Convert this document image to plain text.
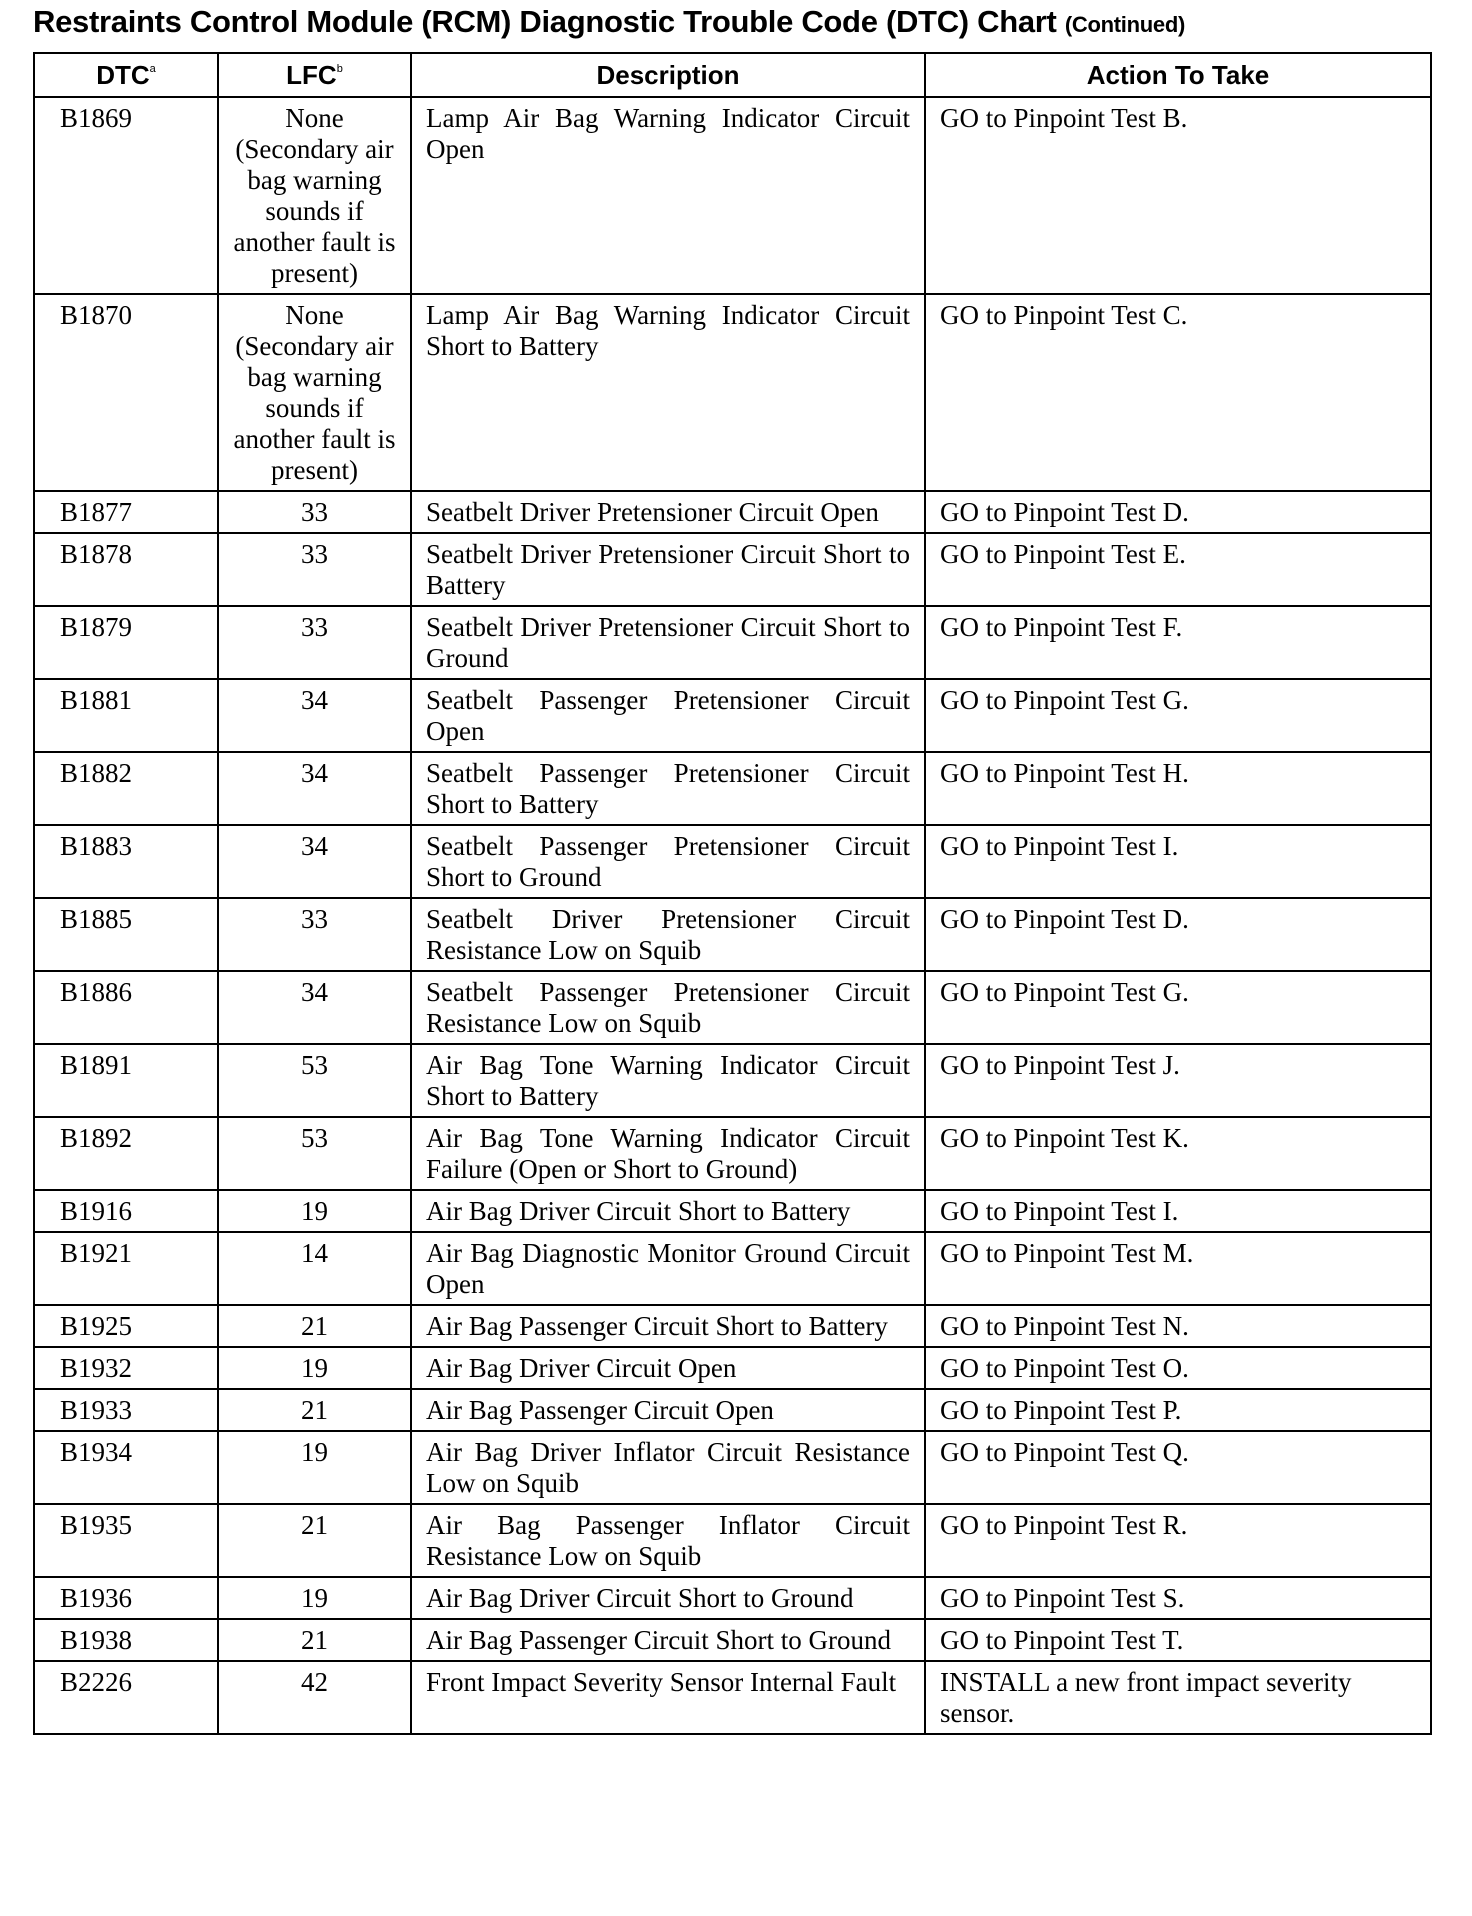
Restraints Control Module (RCM) Diagnostic Trouble Code (DTC) Chart (Continued)
DTC$^a$	LFC$^b$	Description	Action To Take
B1869	None (Secondary air bag warning sounds if another fault is present)	Lamp Air Bag Warning Indicator Circuit Open	GO to Pinpoint Test B.
B1870	None (Secondary air bag warning sounds if another fault is present)	Lamp Air Bag Warning Indicator Circuit Short to Battery	GO to Pinpoint Test C.
B1877	33	Seatbelt Driver Pretensioner Circuit Open	GO to Pinpoint Test D.
B1878	33	Seatbelt Driver Pretensioner Circuit Short to Battery	GO to Pinpoint Test E.
B1879	33	Seatbelt Driver Pretensioner Circuit Short to Ground	GO to Pinpoint Test F.
B1881	34	Seatbelt Passenger Pretensioner Circuit Open	GO to Pinpoint Test G.
B1882	34	Seatbelt Passenger Pretensioner Circuit Short to Battery	GO to Pinpoint Test H.
B1883	34	Seatbelt Passenger Pretensioner Circuit Short to Ground	GO to Pinpoint Test I.
B1885	33	Seatbelt Driver Pretensioner Circuit Resistance Low on Squib	GO to Pinpoint Test D.
B1886	34	Seatbelt Passenger Pretensioner Circuit Resistance Low on Squib	GO to Pinpoint Test G.
B1891	53	Air Bag Tone Warning Indicator Circuit Short to Battery	GO to Pinpoint Test J.
B1892	53	Air Bag Tone Warning Indicator Circuit Failure (Open or Short to Ground)	GO to Pinpoint Test K.
B1916	19	Air Bag Driver Circuit Short to Battery	GO to Pinpoint Test I.
B1921	14	Air Bag Diagnostic Monitor Ground Circuit Open	GO to Pinpoint Test M.
B1925	21	Air Bag Passenger Circuit Short to Battery	GO to Pinpoint Test N.
B1932	19	Air Bag Driver Circuit Open	GO to Pinpoint Test O.
B1933	21	Air Bag Passenger Circuit Open	GO to Pinpoint Test P.
B1934	19	Air Bag Driver Inflator Circuit Resistance Low on Squib	GO to Pinpoint Test Q.
B1935	21	Air Bag Passenger Inflator Circuit Resistance Low on Squib	GO to Pinpoint Test R.
B1936	19	Air Bag Driver Circuit Short to Ground	GO to Pinpoint Test S.
B1938	21	Air Bag Passenger Circuit Short to Ground	GO to Pinpoint Test T.
B2226	42	Front Impact Severity Sensor Internal Fault	INSTALL a new front impact severity sensor.
